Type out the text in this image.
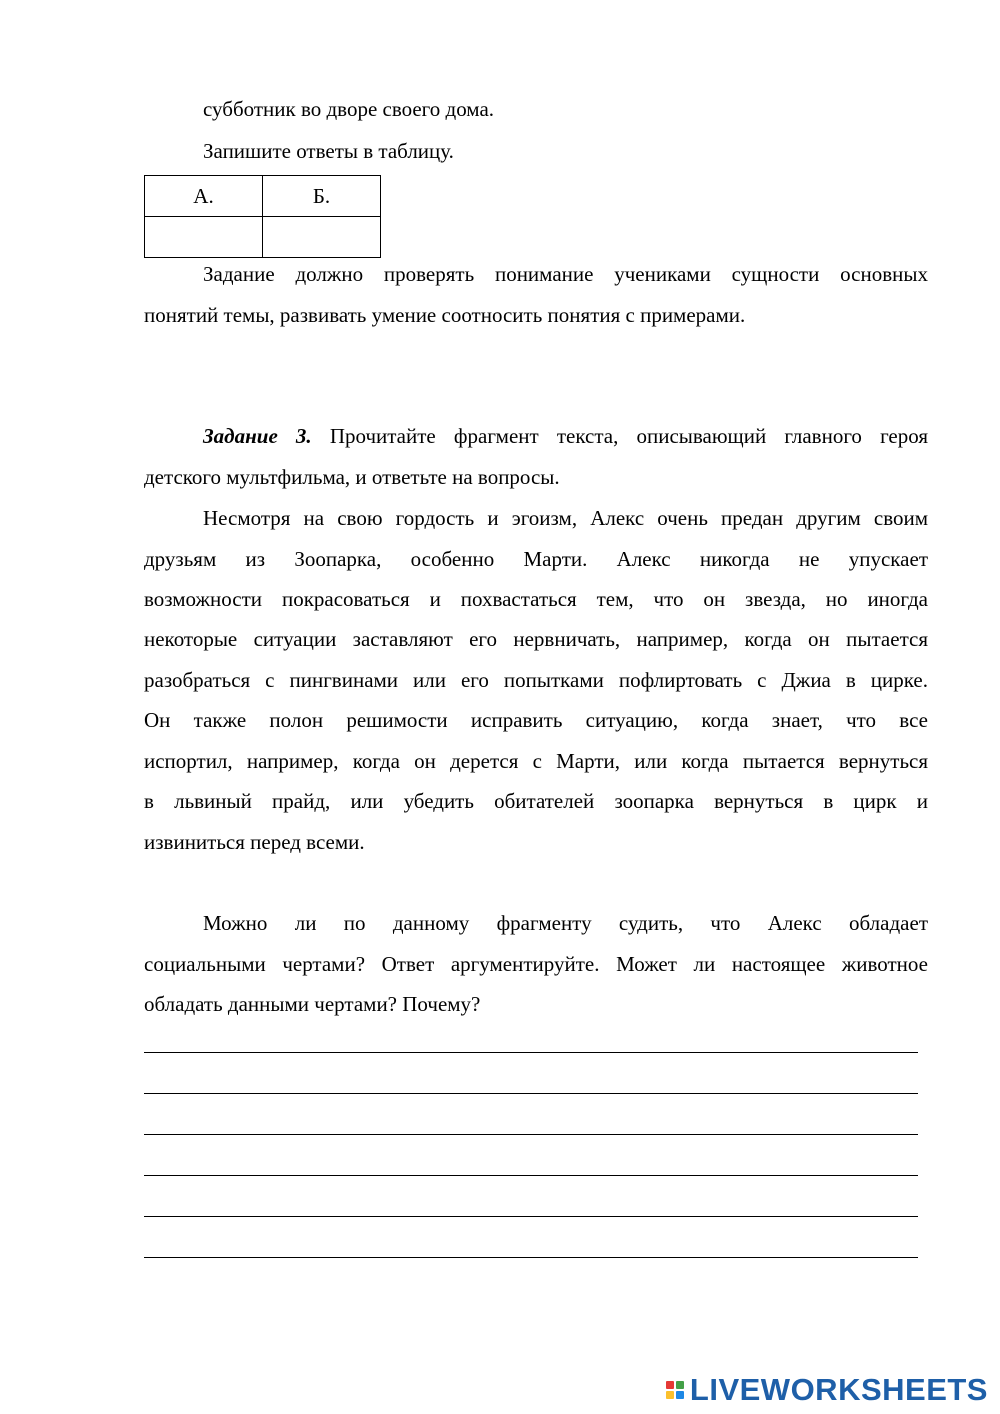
субботник во дворе своего дома.
Запишите ответы в таблицу.
А.	Б.

Задание должно проверять понимание учениками сущности основных
понятий темы, развивать умение соотносить понятия с примерами.
Задание 3. Прочитайте фрагмент текста, описывающий главного героя
детского мультфильма, и ответьте на вопросы.
Несмотря на свою гордость и эгоизм, Алекс очень предан другим своим
друзьям из Зоопарка, особенно Марти. Алекс никогда не упускает
возможности покрасоваться и похвастаться тем, что он звезда, но иногда
некоторые ситуации заставляют его нервничать, например, когда он пытается
разобраться с пингвинами или его попытками пофлиртовать с Джиа в цирке.
Он также полон решимости исправить ситуацию, когда знает, что все
испортил, например, когда он дерется с Марти, или когда пытается вернуться
в львиный прайд, или убедить обитателей зоопарка вернуться в цирк и
извиниться перед всеми.
Можно ли по данному фрагменту судить, что Алекс обладает
социальными чертами? Ответ аргументируйте. Может ли настоящее животное
обладать данными чертами? Почему?
LIVEWORKSHEETS
